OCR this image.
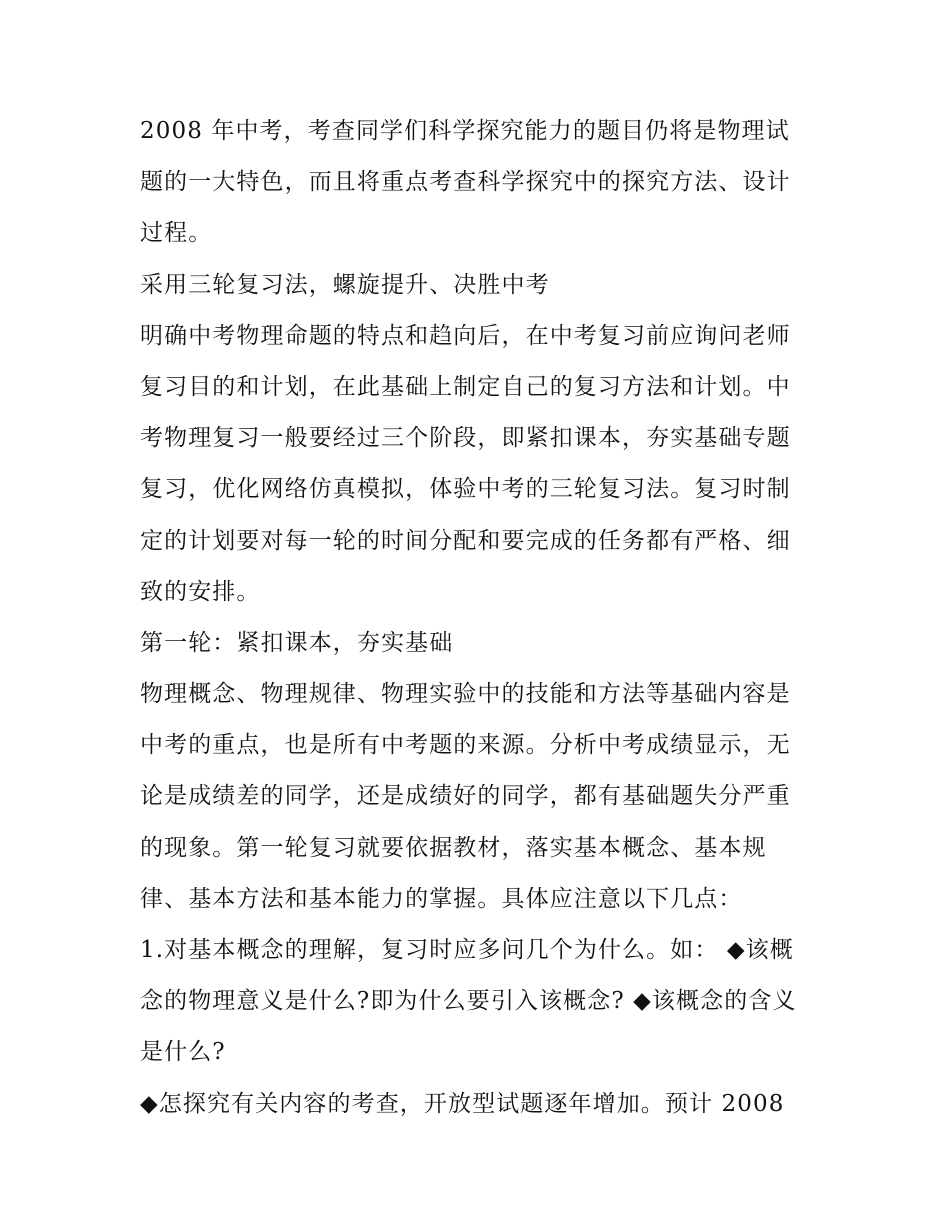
2008 年中考，考查同学们科学探究能力的题目仍将是物理试
题的一大特色，而且将重点考查科学探究中的探究方法、设计
过程。
采用三轮复习法，螺旋提升、决胜中考
明确中考物理命题的特点和趋向后，在中考复习前应询问老师
复习目的和计划，在此基础上制定自己的复习方法和计划。中
考物理复习一般要经过三个阶段，即紧扣课本，夯实基础专题
复习，优化网络仿真模拟，体验中考的三轮复习法。复习时制
定的计划要对每一轮的时间分配和要完成的任务都有严格、细
致的安排。
第一轮：紧扣课本，夯实基础
物理概念、物理规律、物理实验中的技能和方法等基础内容是
中考的重点，也是所有中考题的来源。分析中考成绩显示，无
论是成绩差的同学，还是成绩好的同学，都有基础题失分严重
的现象。第一轮复习就要依据教材，落实基本概念、基本规
律、基本方法和基本能力的掌握。具体应注意以下几点：
1.对基本概念的理解，复习时应多问几个为什么。如： ◆该概
念的物理意义是什么?即为什么要引入该概念? ◆该概念的含义
是什么?
◆怎探究有关内容的考查，开放型试题逐年增加。预计 2008
